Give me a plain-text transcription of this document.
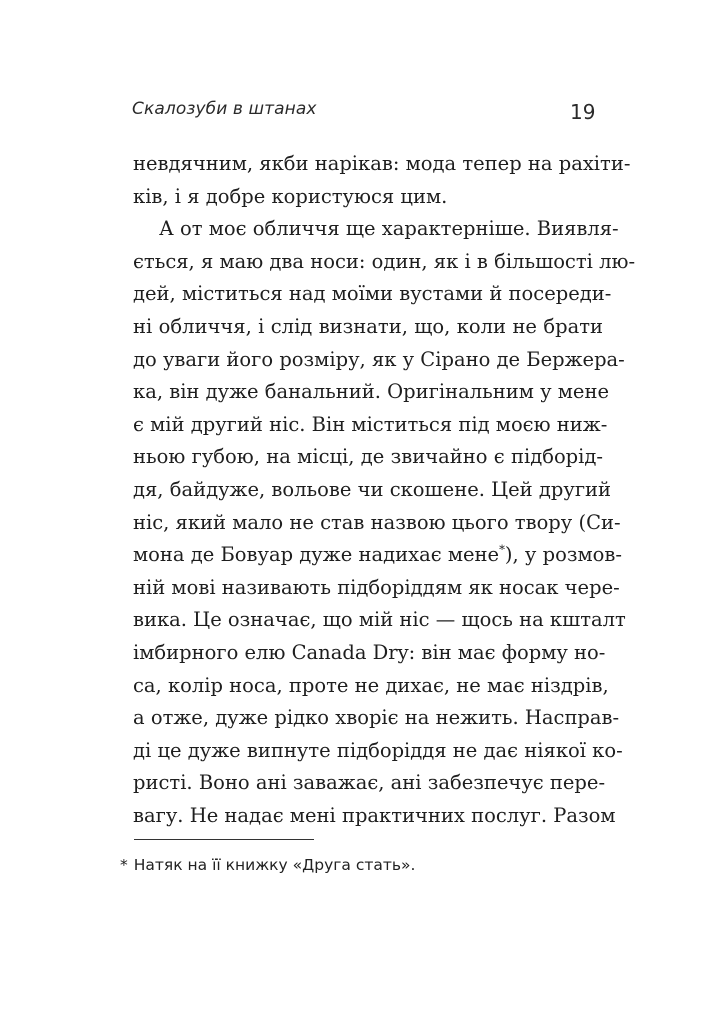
Скалозуби в штанах	19
невдячним, якби нарікав: мода тепер на рахіти-
ків, і я добре користуюся цим.
А от моє обличчя ще характерніше. Виявля-
ється, я маю два носи: один, як і в більшості лю-
дей, міститься над моїми вустами й посереди-
ні обличчя, і слід визнати, що, коли не брати
до уваги його розміру, як у Сірано де Бержера-
ка, він дуже банальний. Оригінальним у мене
є мій другий ніс. Він міститься під моєю ниж-
ньою губою, на місці, де звичайно є підборід-
дя, байдуже, вольове чи скошене. Цей другий
ніс, який мало не став назвою цього твору (Си-
мона де Бовуар дуже надихає мене*), у розмов-
ній мові називають підборіддям як носак чере-
вика. Це означає, що мій ніс — щось на кшталт
імбирного елю Canada Dry: він має форму но-
са, колір носа, проте не дихає, не має ніздрів,
а отже, дуже рідко хворіє на нежить. Насправ-
ді це дуже випнуте підборіддя не дає ніякої ко-
ристі. Воно ані заважає, ані забезпечує пере-
вагу. Не надає мені практичних послуг. Разом
* Натяк на її книжку «Друга стать».
